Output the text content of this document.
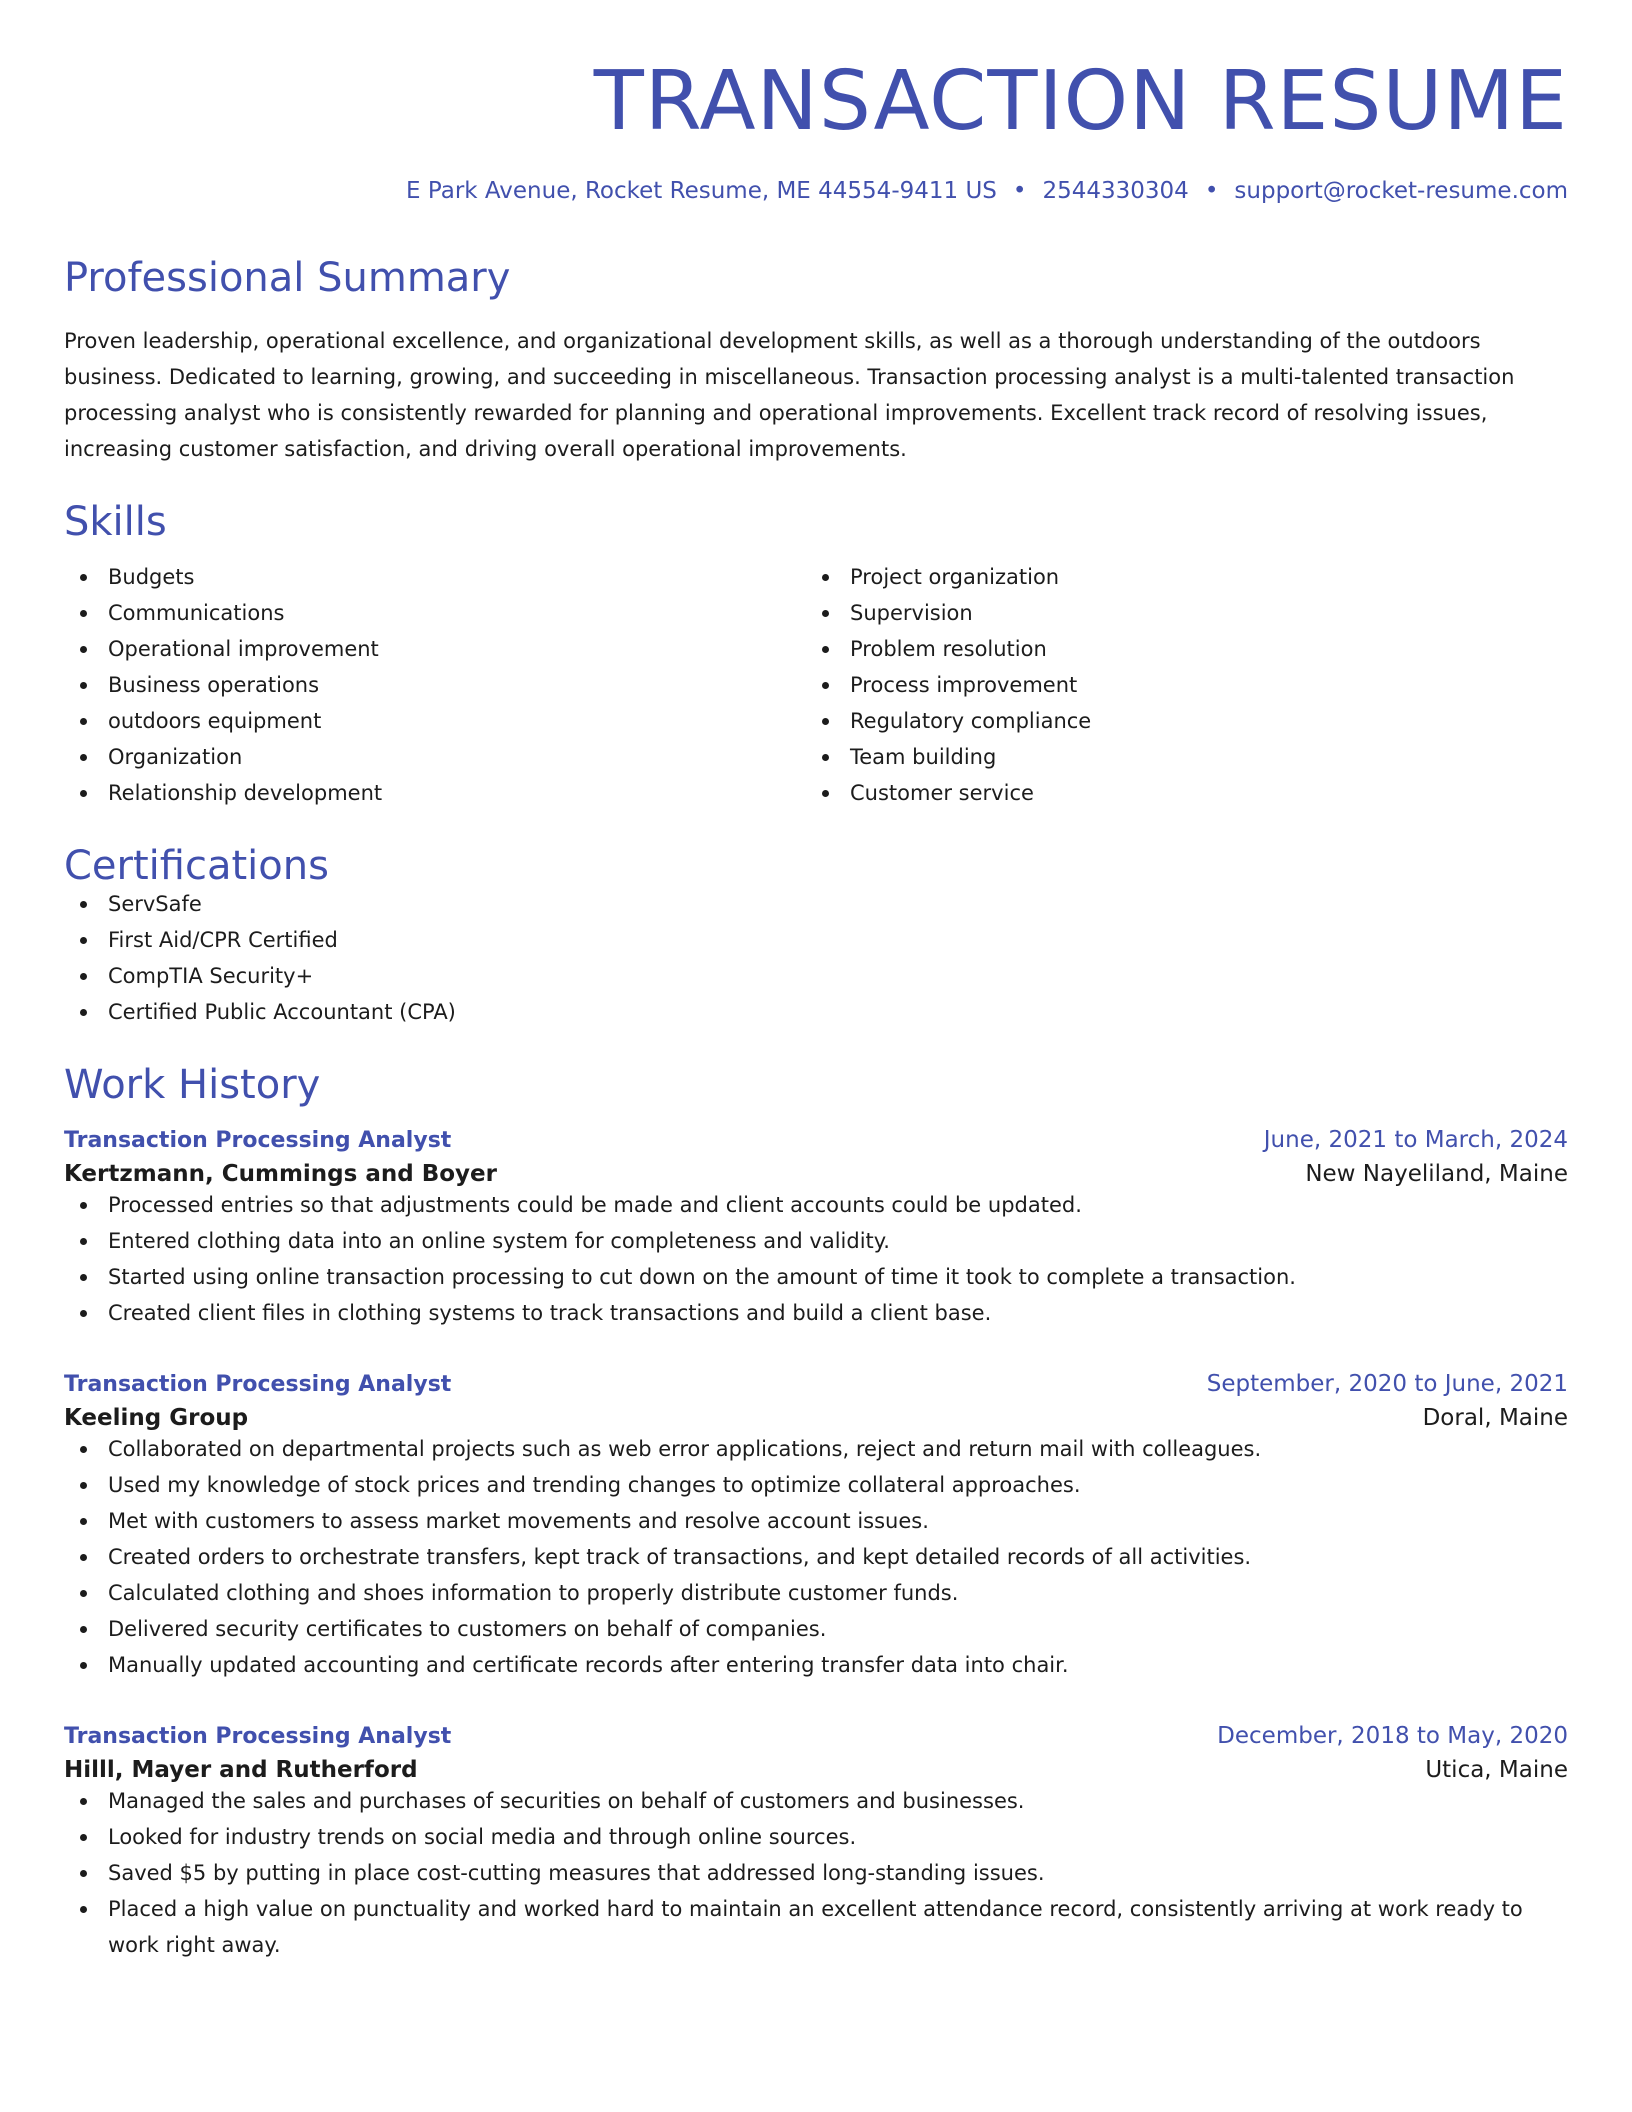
TRANSACTION RESUME
E Park Avenue, Rocket Resume, ME 44554-9411 US • 2544330304 • support@rocket-resume.com
Professional Summary
Proven leadership, operational excellence, and organizational development skills, as well as a thorough understanding of the outdoors business. Dedicated to learning, growing, and succeeding in miscellaneous. Transaction processing analyst is a multi-talented transaction processing analyst who is consistently rewarded for planning and operational improvements. Excellent track record of resolving issues, increasing customer satisfaction, and driving overall operational improvements.
Skills
Budgets
Communications
Operational improvement
Business operations
outdoors equipment
Organization
Relationship development
Project organization
Supervision
Problem resolution
Process improvement
Regulatory compliance
Team building
Customer service
Certifications
ServSafe
First Aid/CPR Certified
CompTIA Security+
Certified Public Accountant (CPA)
Work History
Transaction Processing Analyst	June, 2021 to March, 2024
Kertzmann, Cummings and Boyer	New Nayeliland, Maine
Processed entries so that adjustments could be made and client accounts could be updated.
Entered clothing data into an online system for completeness and validity.
Started using online transaction processing to cut down on the amount of time it took to complete a transaction.
Created client files in clothing systems to track transactions and build a client base.
Transaction Processing Analyst	September, 2020 to June, 2021
Keeling Group	Doral, Maine
Collaborated on departmental projects such as web error applications, reject and return mail with colleagues.
Used my knowledge of stock prices and trending changes to optimize collateral approaches.
Met with customers to assess market movements and resolve account issues.
Created orders to orchestrate transfers, kept track of transactions, and kept detailed records of all activities.
Calculated clothing and shoes information to properly distribute customer funds.
Delivered security certificates to customers on behalf of companies.
Manually updated accounting and certificate records after entering transfer data into chair.
Transaction Processing Analyst	December, 2018 to May, 2020
Hilll, Mayer and Rutherford	Utica, Maine
Managed the sales and purchases of securities on behalf of customers and businesses.
Looked for industry trends on social media and through online sources.
Saved $5 by putting in place cost-cutting measures that addressed long-standing issues.
Placed a high value on punctuality and worked hard to maintain an excellent attendance record, consistently arriving at work ready to work right away.
